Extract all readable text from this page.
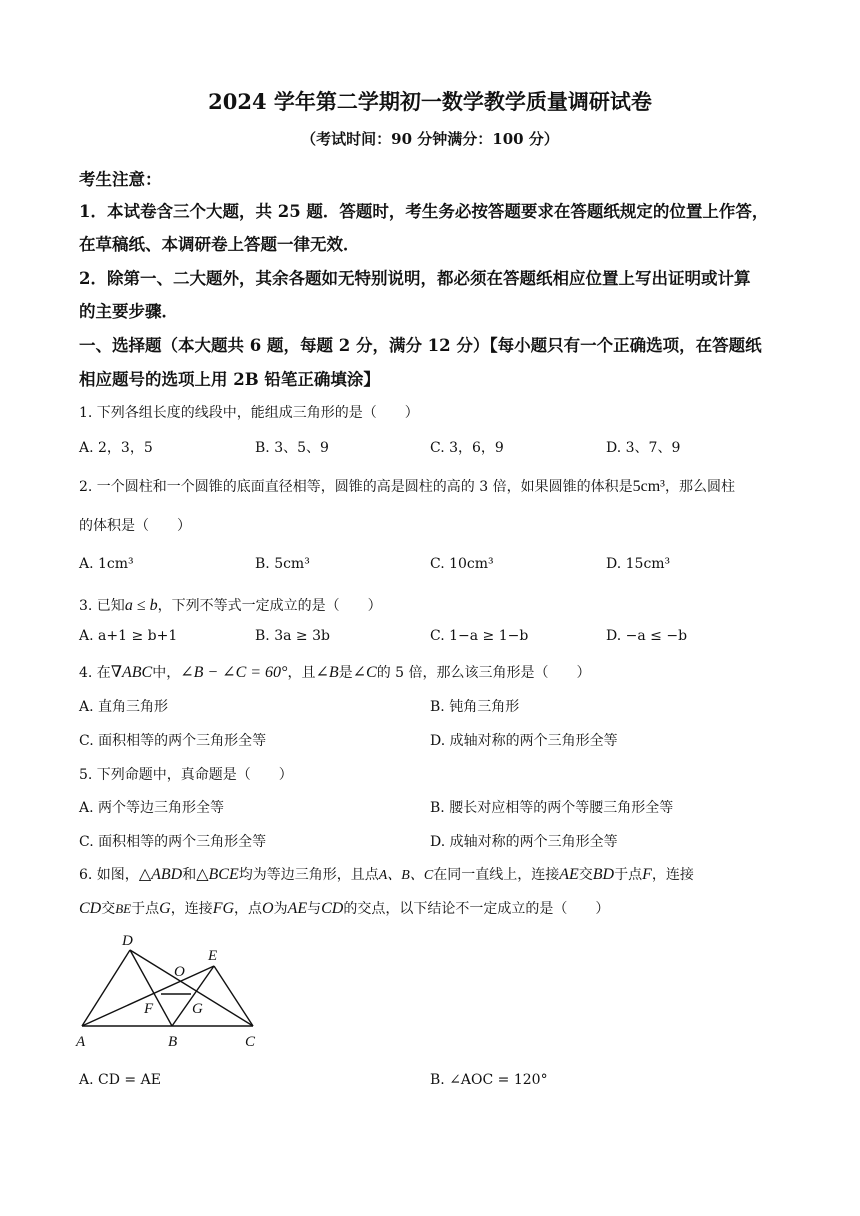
2024 学年第二学期初一数学教学质量调研试卷
（考试时间：90 分钟满分：100 分）
考生注意：
1．本试卷含三个大题，共 25 题．答题时，考生务必按答题要求在答题纸规定的位置上作答，
在草稿纸、本调研卷上答题一律无效．
2．除第一、二大题外，其余各题如无特别说明，都必须在答题纸相应位置上写出证明或计算
的主要步骤．
一、选择题（本大题共 6 题，每题 2 分，满分 12 分）【每小题只有一个正确选项，在答题纸
相应题号的选项上用 2B 铅笔正确填涂】
1. 下列各组长度的线段中，能组成三角形的是（　　）
A. 2，3，5	B. 3、5、9	C. 3，6，9	D. 3、7、9
2. 一个圆柱和一个圆锥的底面直径相等，圆锥的高是圆柱的高的 3 倍，如果圆锥的体积是5cm³，那么圆柱
的体积是（　　）
A. 1cm³	B. 5cm³	C. 10cm³	D. 15cm³
3. 已知a ≤ b，下列不等式一定成立的是（　　）
A. a+1 ≥ b+1	B. 3a ≥ 3b	C. 1−a ≥ 1−b	D. −a ≤ −b
4. 在∇ABC中，∠B − ∠C = 60°，且∠B是∠C的 5 倍，那么该三角形是（　　）
A. 直角三角形	B. 钝角三角形
C. 面积相等的两个三角形全等	D. 成轴对称的两个三角形全等
5. 下列命题中，真命题是（　　）
A. 两个等边三角形全等	B. 腰长对应相等的两个等腰三角形全等
C. 面积相等的两个三角形全等	D. 成轴对称的两个三角形全等
6. 如图，△ABD和△BCE均为等边三角形，且点A、B、C在同一直线上，连接AE交BD于点F，连接
CD交BE于点G，连接FG，点O为AE与CD的交点，以下结论不一定成立的是（　　）
D
E
O
F	G
A	B	C
A. CD = AE	B. ∠AOC = 120°
